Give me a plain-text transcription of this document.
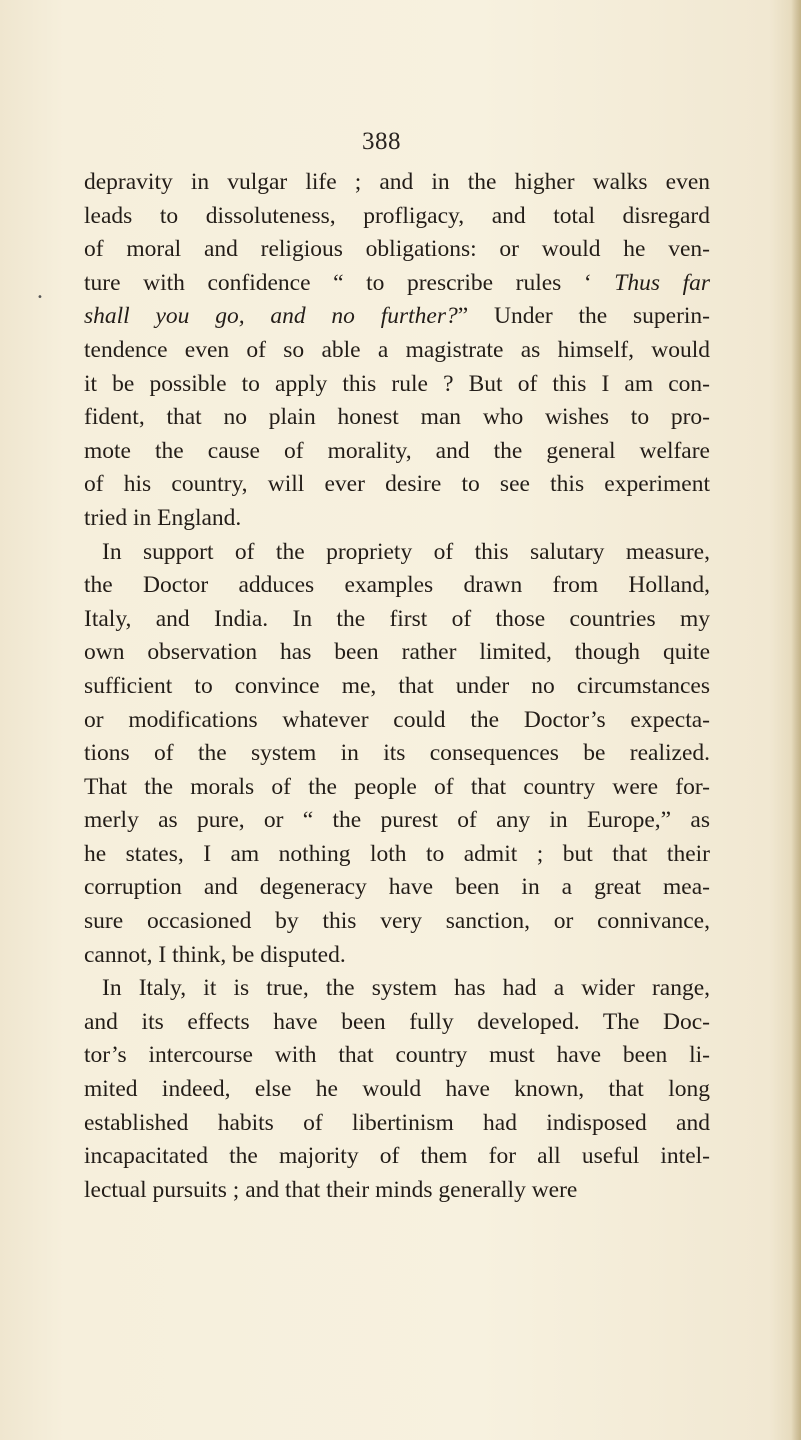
388
•
depravity in vulgar life ; and in the higher walks even
leads to dissoluteness, profligacy, and total disregard
of moral and religious obligations: or would he ven-
ture with confidence “ to prescribe rules ‘ Thus far
shall you go, and no further?” Under the superin-
tendence even of so able a magistrate as himself, would
it be possible to apply this rule ? But of this I am con-
fident, that no plain honest man who wishes to pro-
mote the cause of morality, and the general welfare
of his country, will ever desire to see this experiment
tried in England.
In support of the propriety of this salutary measure,
the Doctor adduces examples drawn from Holland,
Italy, and India. In the first of those countries my
own observation has been rather limited, though quite
sufficient to convince me, that under no circumstances
or modifications whatever could the Doctor’s expecta-
tions of the system in its consequences be realized.
That the morals of the people of that country were for-
merly as pure, or “ the purest of any in Europe,” as
he states, I am nothing loth to admit ; but that their
corruption and degeneracy have been in a great mea-
sure occasioned by this very sanction, or connivance,
cannot, I think, be disputed.
In Italy, it is true, the system has had a wider range,
and its effects have been fully developed. The Doc-
tor’s intercourse with that country must have been li-
mited indeed, else he would have known, that long
established habits of libertinism had indisposed and
incapacitated the majority of them for all useful intel-
lectual pursuits ; and that their minds generally were
